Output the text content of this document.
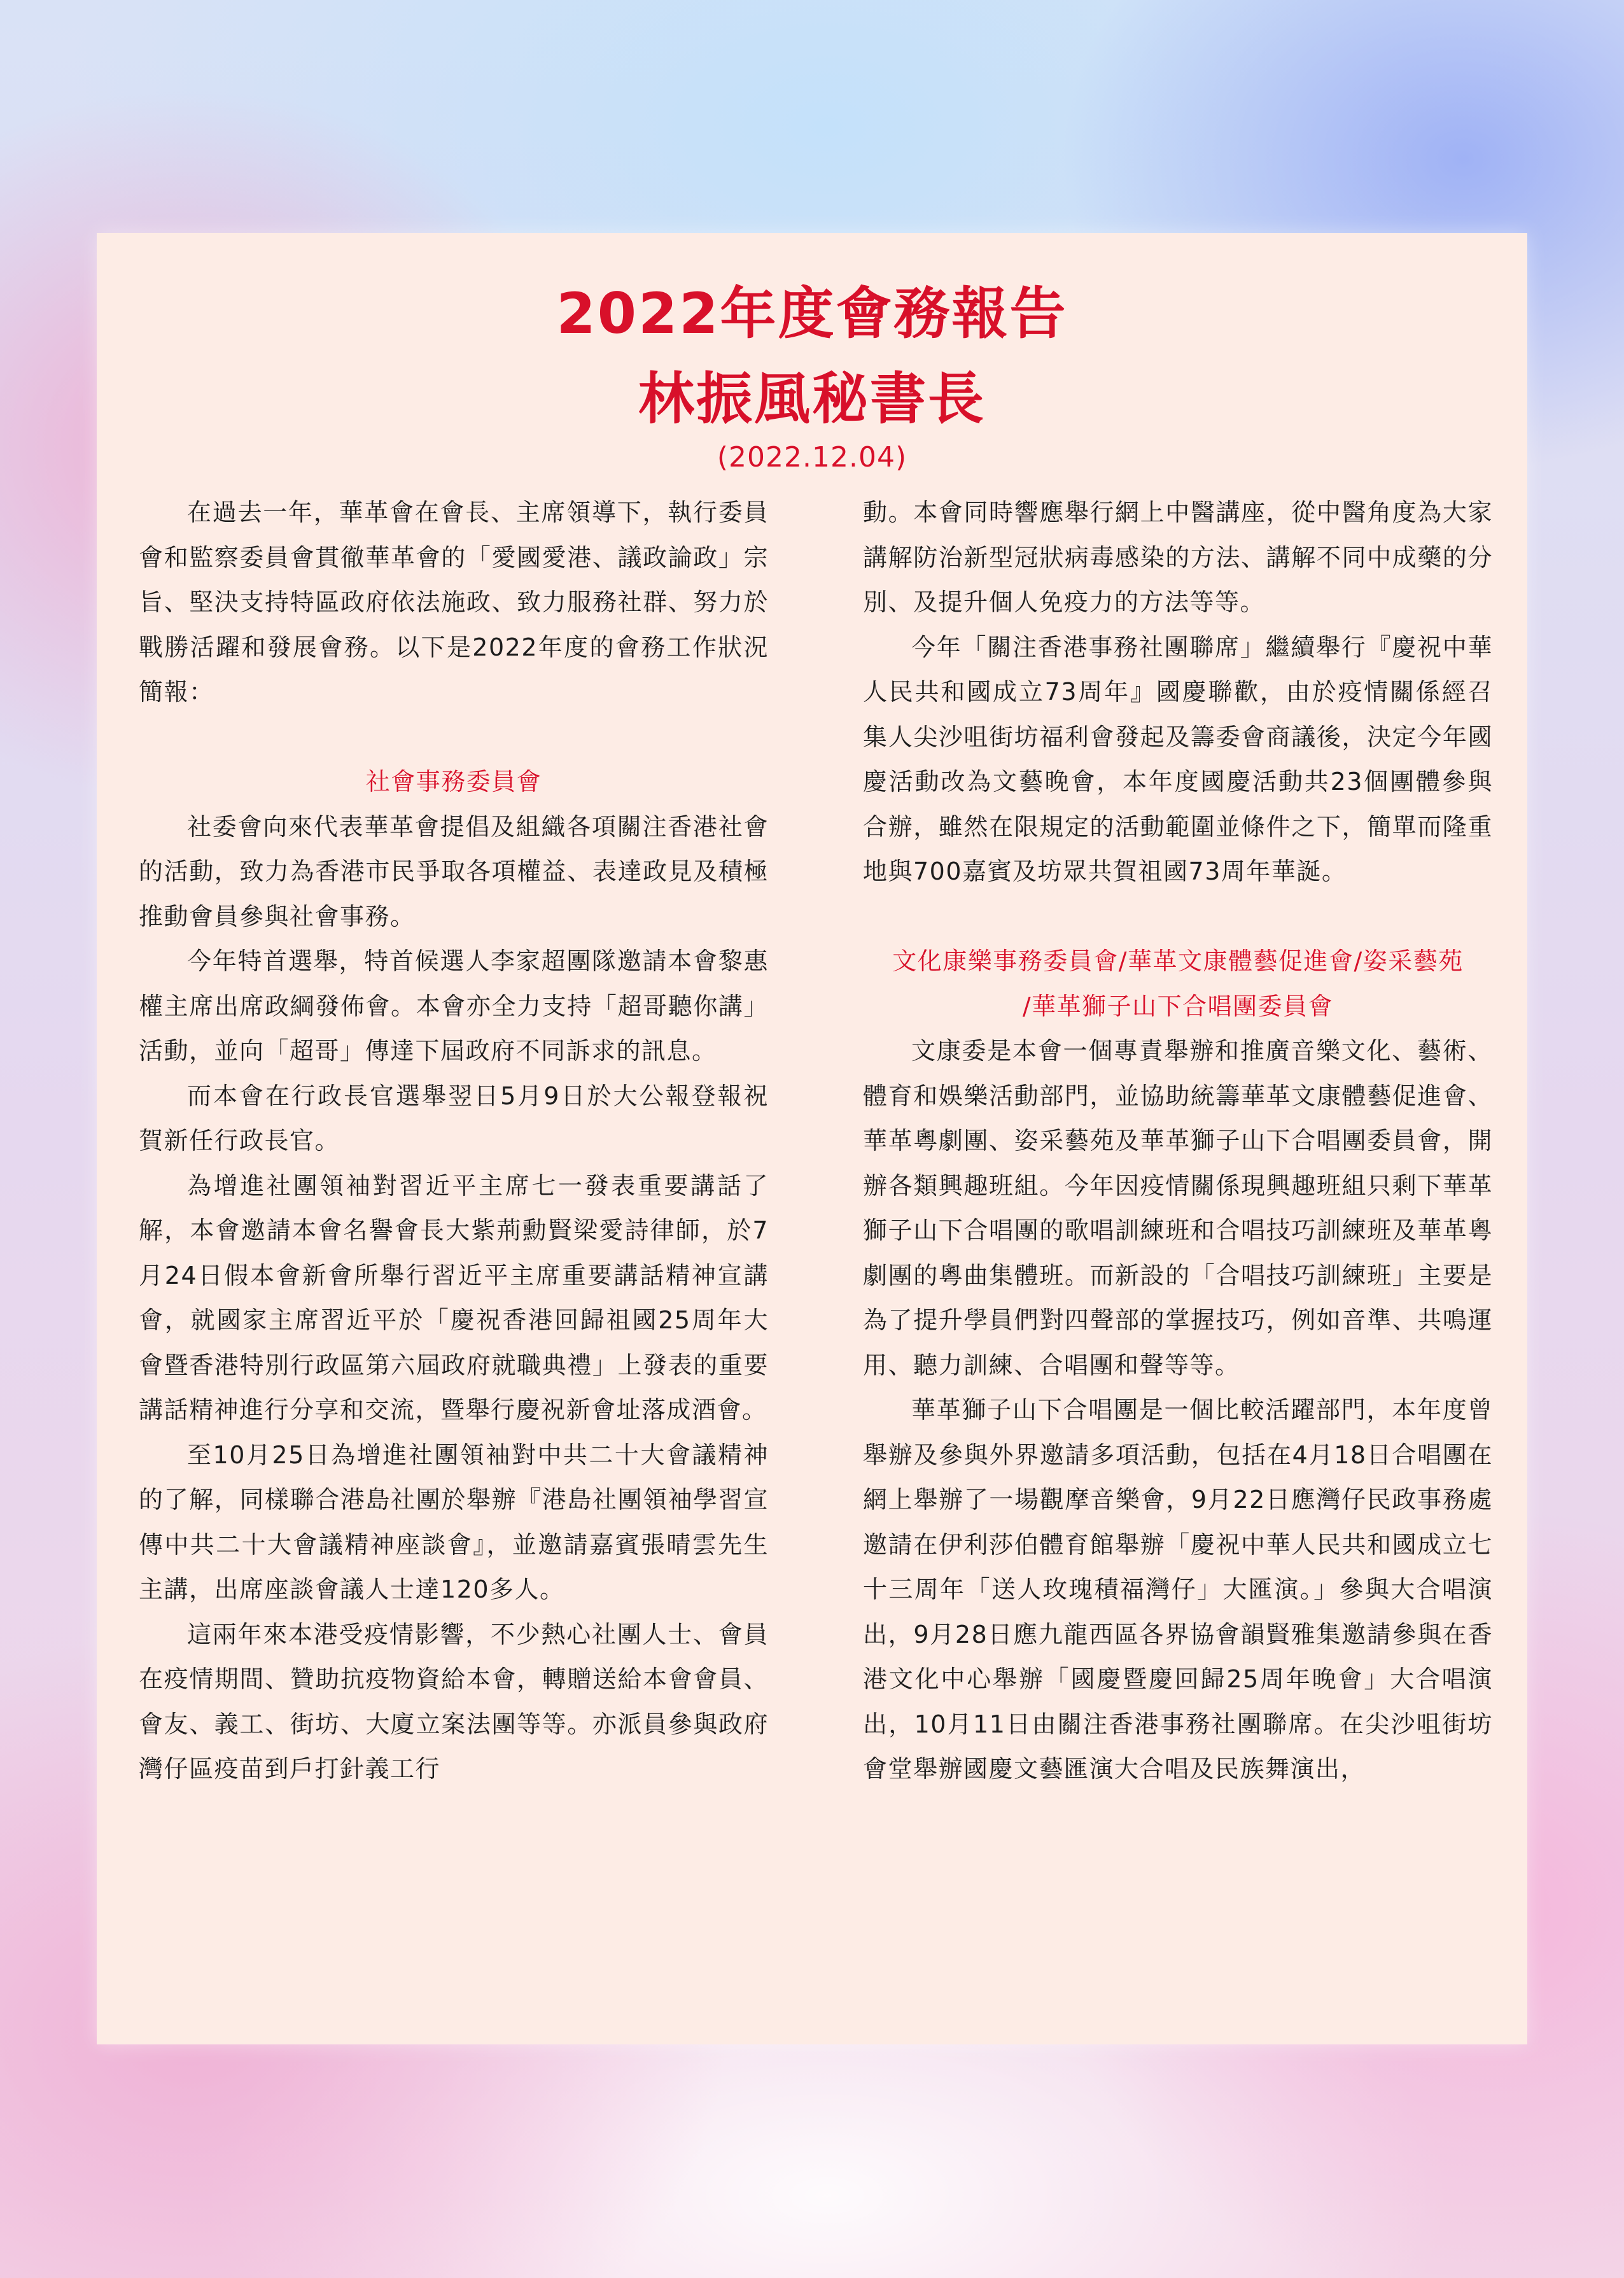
2022年度會務報告
林振風秘書長
(2022.12.04)

在過去一年，華革會在會長、主席領導下，執行委員會和監察委員會貫徹華革會的「愛國愛港、議政論政」宗旨、堅決支持特區政府依法施政、致力服務社群、努力於戰勝活躍和發展會務。以下是2022年度的會務工作狀況簡報：

社會事務委員會

社委會向來代表華革會提倡及組織各項關注香港社會的活動，致力為香港市民爭取各項權益、表達政見及積極推動會員參與社會事務。

今年特首選舉，特首候選人李家超團隊邀請本會黎惠權主席出席政綱發佈會。本會亦全力支持「超哥聽你講」活動，並向「超哥」傳達下屆政府不同訴求的訊息。

而本會在行政長官選舉翌日5月9日於大公報登報祝賀新任行政長官。

為增進社團領袖對習近平主席七一發表重要講話了解，本會邀請本會名譽會長大紫荊勳賢梁愛詩律師，於7月24日假本會新會所舉行習近平主席重要講話精神宣講會，就國家主席習近平於「慶祝香港回歸祖國25周年大會暨香港特別行政區第六屆政府就職典禮」上發表的重要講話精神進行分享和交流，暨舉行慶祝新會址落成酒會。

至10月25日為增進社團領袖對中共二十大會議精神的了解，同樣聯合港島社團於舉辦『港島社團領袖學習宣傳中共二十大會議精神座談會』，並邀請嘉賓張晴雲先生主講，出席座談會議人士達120多人。

這兩年來本港受疫情影響，不少熱心社團人士、會員在疫情期間、贊助抗疫物資給本會，轉贈送給本會會員、會友、義工、街坊、大廈立案法團等等。亦派員參與政府灣仔區疫苗到戶打針義工行

動。本會同時響應舉行網上中醫講座，從中醫角度為大家講解防治新型冠狀病毒感染的方法、講解不同中成藥的分別、及提升個人免疫力的方法等等。

今年「關注香港事務社團聯席」繼續舉行『慶祝中華人民共和國成立73周年』國慶聯歡，由於疫情關係經召集人尖沙咀街坊福利會發起及籌委會商議後，決定今年國慶活動改為文藝晚會，本年度國慶活動共23個團體參與合辦，雖然在限規定的活動範圍並條件之下，簡單而隆重地與700嘉賓及坊眾共賀祖國73周年華誕。

文化康樂事務委員會/華革文康體藝促進會/姿采藝苑

/華革獅子山下合唱團委員會

文康委是本會一個專責舉辦和推廣音樂文化、藝術、體育和娛樂活動部門，並協助統籌華革文康體藝促進會、華革粵劇團、姿采藝苑及華革獅子山下合唱團委員會，開辦各類興趣班組。今年因疫情關係現興趣班組只剩下華革獅子山下合唱團的歌唱訓練班和合唱技巧訓練班及華革粵劇團的粵曲集體班。而新設的「合唱技巧訓練班」主要是為了提升學員們對四聲部的掌握技巧，例如音準、共鳴運用、聽力訓練、合唱團和聲等等。

華革獅子山下合唱團是一個比較活躍部門，本年度曾舉辦及參與外界邀請多項活動，包括在4月18日合唱團在網上舉辦了一場觀摩音樂會，9月22日應灣仔民政事務處邀請在伊利莎伯體育館舉辦「慶祝中華人民共和國成立七十三周年「送人玫瑰積福灣仔」大匯演。」參與大合唱演出，9月28日應九龍西區各界協會韻賢雅集邀請參與在香港文化中心舉辦「國慶暨慶回歸25周年晚會」大合唱演出，10月11日由關注香港事務社團聯席。在尖沙咀街坊會堂舉辦國慶文藝匯演大合唱及民族舞演出，
